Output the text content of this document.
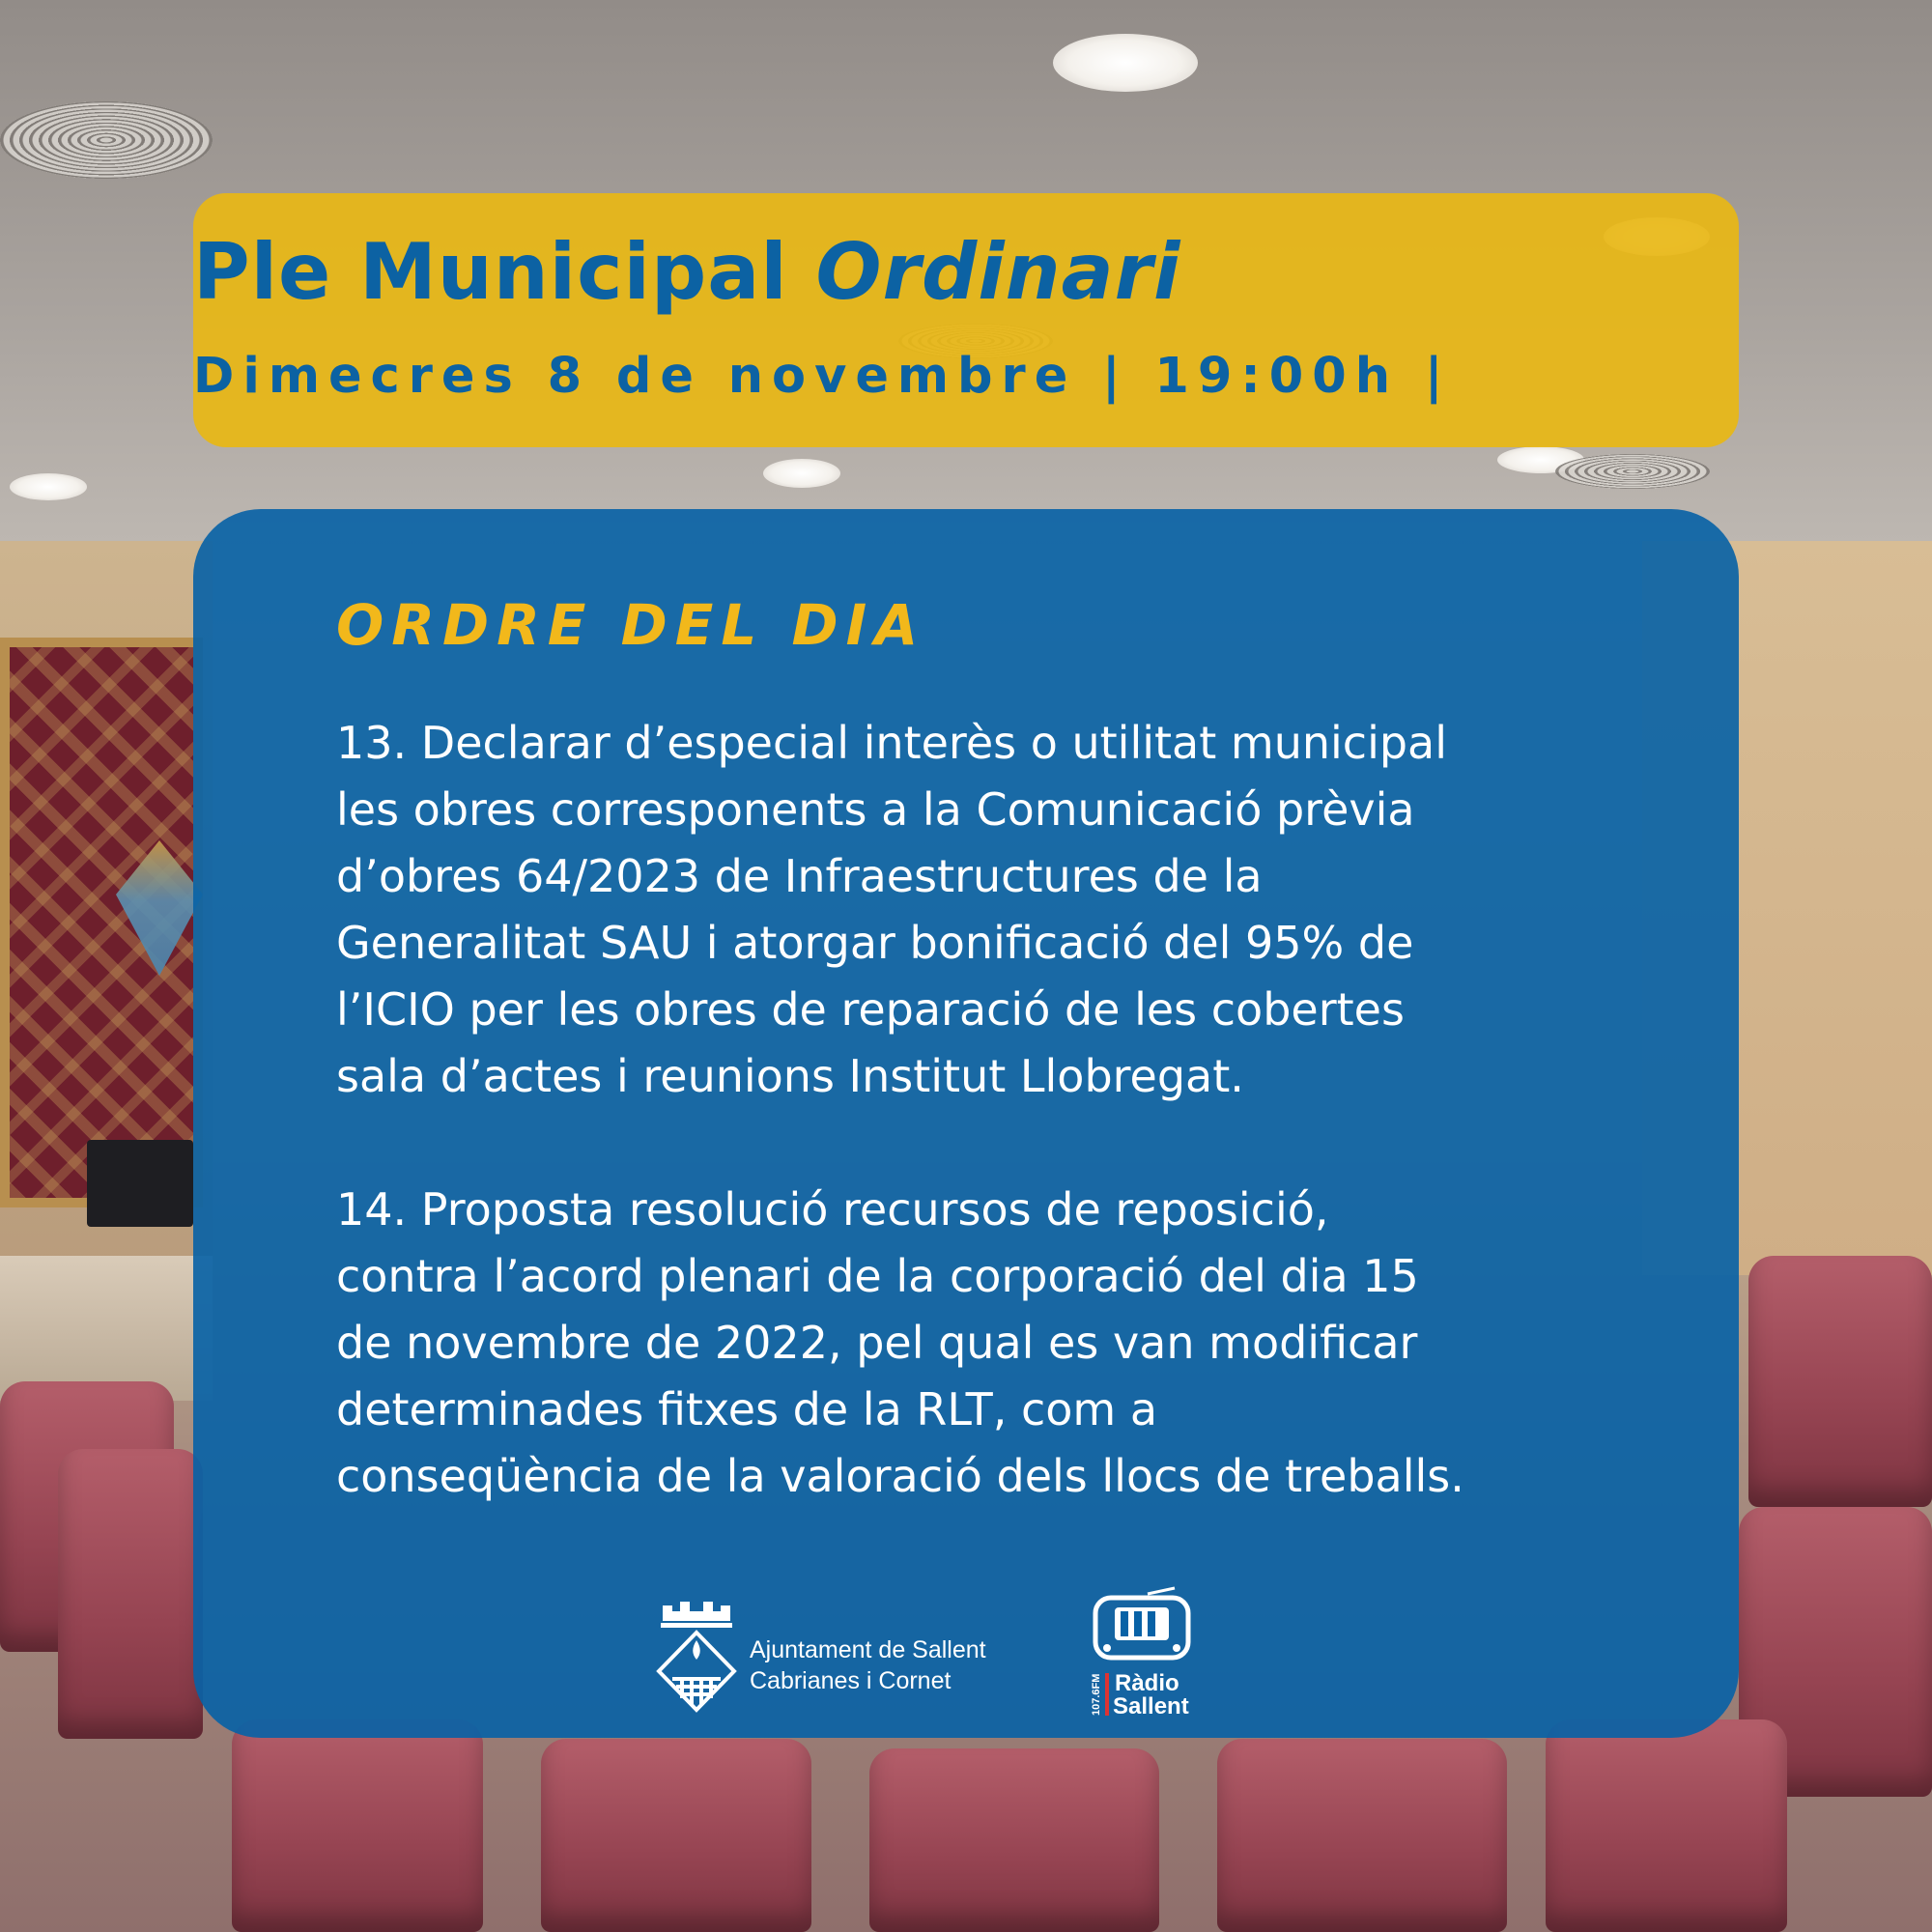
Ple Municipal Ordinari

Dimecres 8 de novembre | 19:00h |

ORDRE DEL DIA

13. Declarar d’especial interès o utilitat municipal
les obres corresponents a la Comunicació prèvia
d’obres 64/2023 de Infraestructures de la
Generalitat SAU i atorgar bonificació del 95% de
l’ICIO per les obres de reparació de les cobertes
sala d’actes i reunions Institut Llobregat.

14. Proposta resolució recursos de reposició,
contra l’acord plenari de la corporació del dia 15
de novembre de 2022, pel qual es van modificar
determinades fitxes de la RLT, com a
conseqüència de la valoració dels llocs de treballs.

Ajuntament de Sallent
Cabrianes i Cornet	107.6FM Ràdio
Sallent
